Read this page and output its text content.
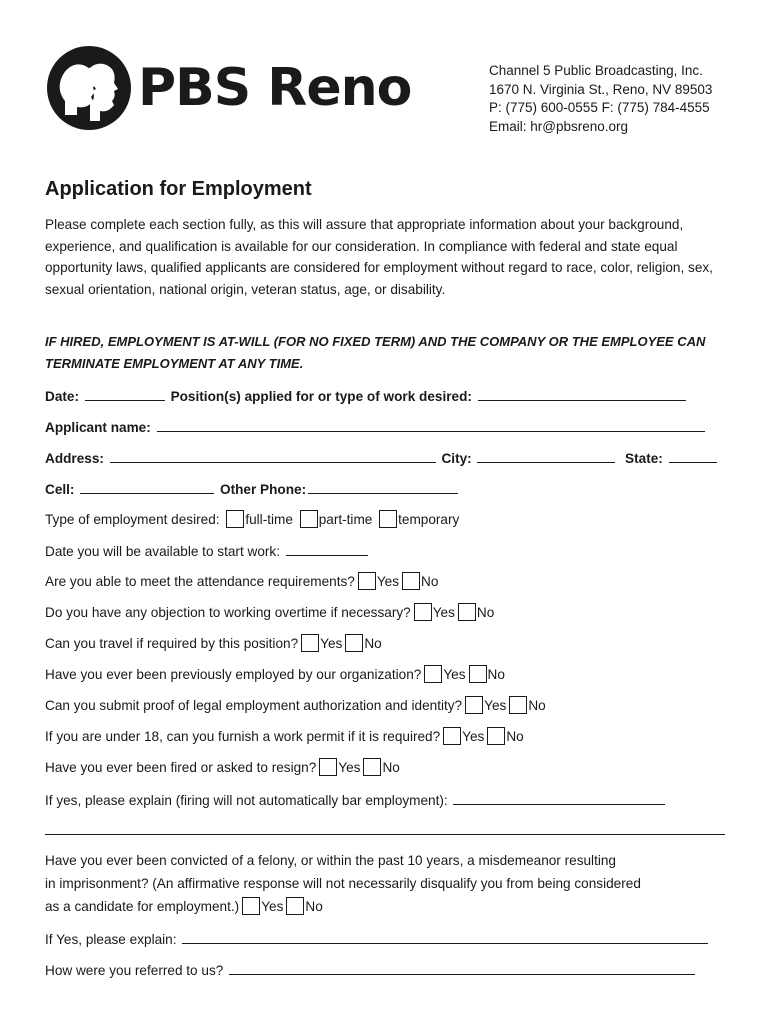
PBS Reno	Channel 5 Public Broadcasting, Inc.
1670 N. Virginia St., Reno, NV 89503
P: (775) 600-0555 F: (775) 784-4555
Email: hr@pbsreno.org
Application for Employment

Please complete each section fully, as this will assure that appropriate information about your background, experience, and qualification is available for our consideration. In compliance with federal and state equal opportunity laws, qualified applicants are considered for employment without regard to race, color, religion, sex, sexual orientation, national origin, veteran status, age, or disability.

IF HIRED, EMPLOYMENT IS AT-WILL (FOR NO FIXED TERM) AND THE COMPANY OR THE EMPLOYEE CAN TERMINATE EMPLOYMENT AT ANY TIME.

Date:	Position(s) applied for or type of work desired:
Applicant name:
Address:	City:	State:
Cell:	Other Phone:
Type of employment desired: full-time part-time temporary
Date you will be available to start work:
Are you able to meet the attendance requirements? Yes No
Do you have any objection to working overtime if necessary? Yes No
Can you travel if required by this position? Yes No
Have you ever been previously employed by our organization? Yes No
Can you submit proof of legal employment authorization and identity? Yes No
If you are under 18, can you furnish a work permit if it is required? Yes No
Have you ever been fired or asked to resign? Yes No
If yes, please explain (firing will not automatically bar employment):
Have you ever been convicted of a felony, or within the past 10 years, a misdemeanor resulting
in imprisonment? (An affirmative response will not necessarily disqualify you from being considered
as a candidate for employment.) Yes No
If Yes, please explain:
How were you referred to us?
